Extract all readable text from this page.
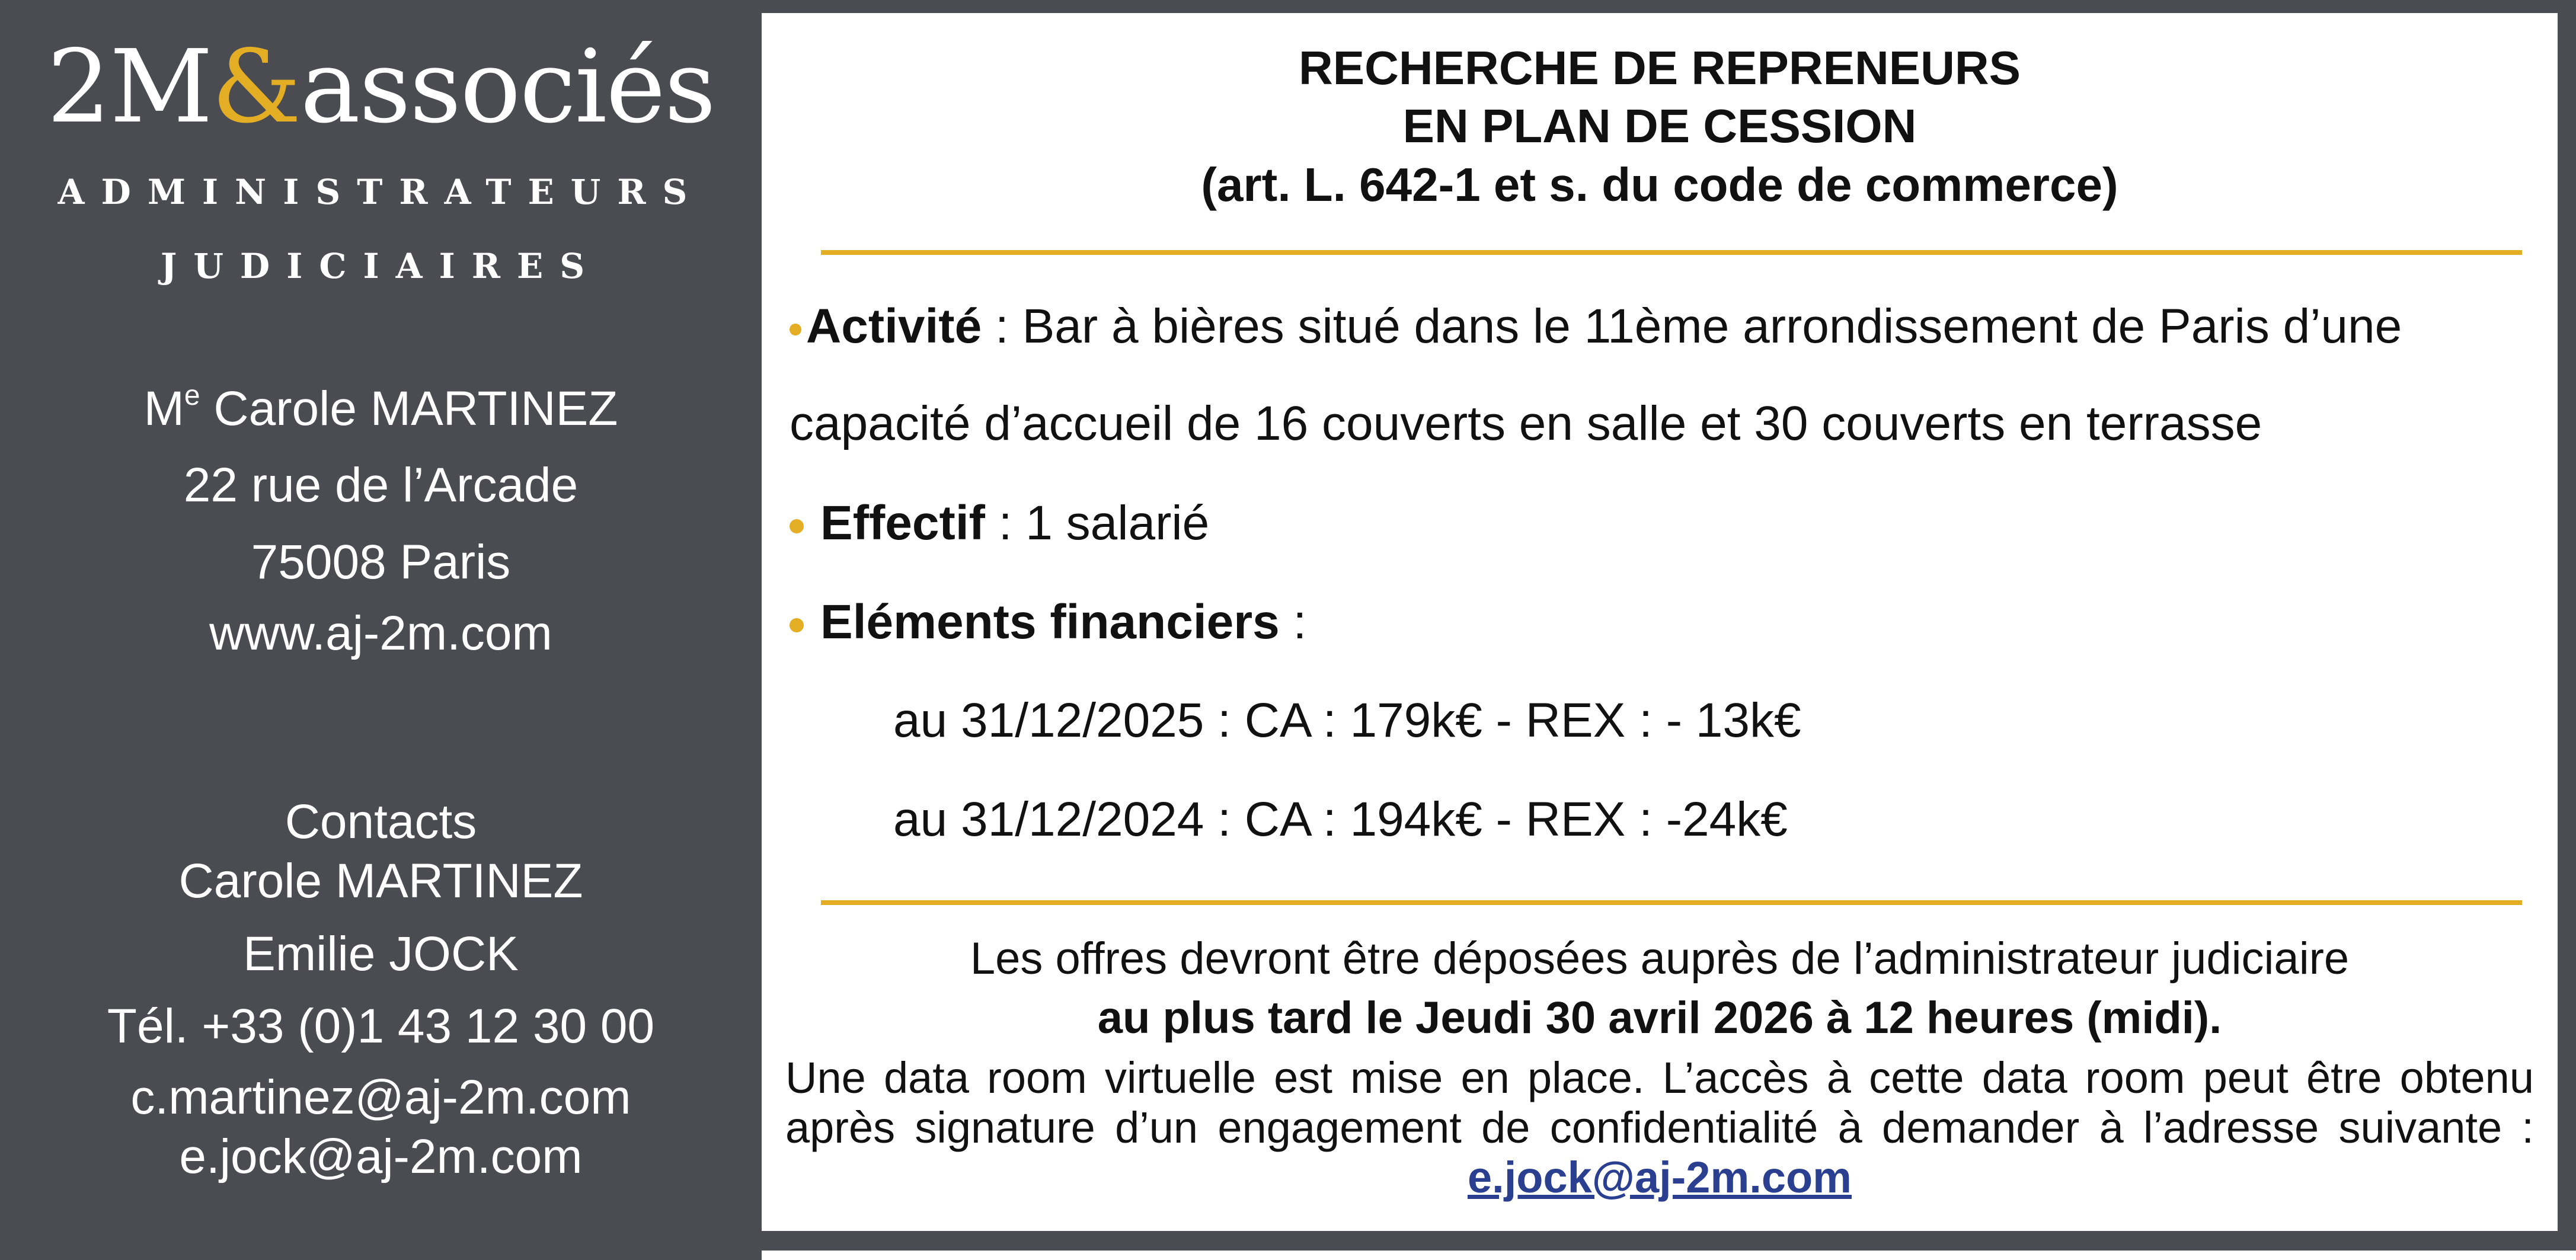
2M&associés
ADMINISTRATEURS
JUDICIAIRES
Me Carole MARTINEZ
22 rue de l’Arcade
75008 Paris
www.aj-2m.com
Contacts
Carole MARTINEZ
Emilie JOCK
Tél. +33 (0)1 43 12 30 00
c.martinez@aj-2m.com
e.jock@aj-2m.com
RECHERCHE DE REPRENEURS
EN PLAN DE CESSION
(art. L. 642-1 et s. du code de commerce)
Activité : Bar à bières situé dans le 11ème arrondissement de Paris d’une
capacité d’accueil de 16 couverts en salle et 30 couverts en terrasse
Effectif : 1 salarié
Eléments financiers :
au 31/12/2025 : CA : 179k€ - REX : - 13k€
au 31/12/2024 : CA : 194k€ - REX : -24k€
Les offres devront être déposées auprès de l’administrateur judiciaire
au plus tard le Jeudi 30 avril 2026 à 12 heures (midi).
Une data room virtuelle est mise en place. L’accès à cette data room peut être obtenu après signature d’un engagement de confidentialité à demander à l’adresse suivante : e.jock@aj-2m.com
